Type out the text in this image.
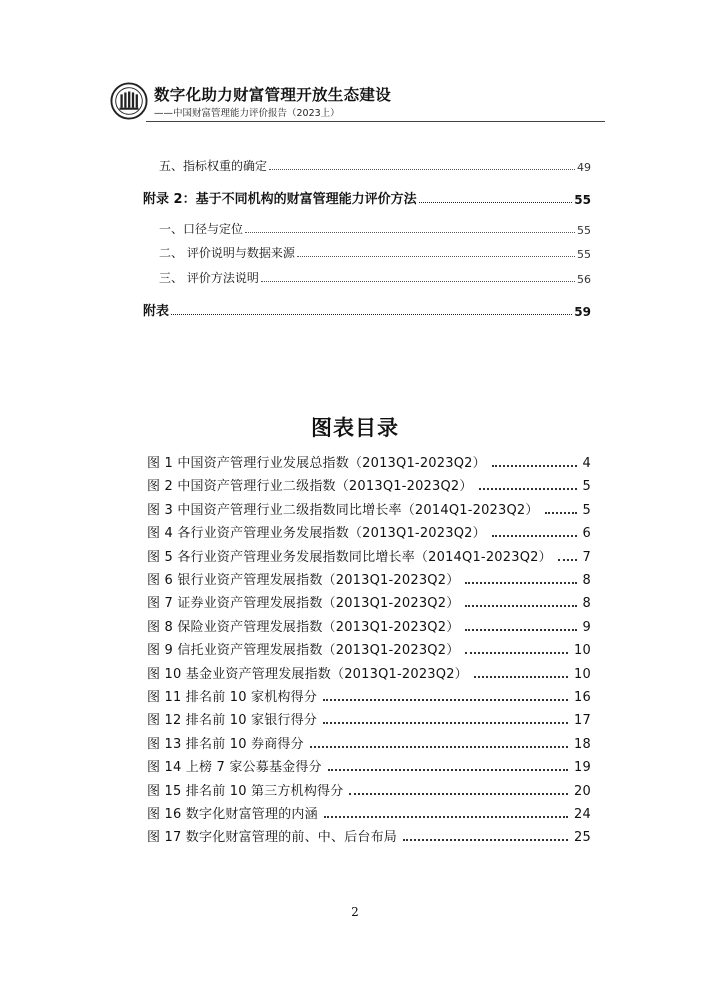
数字化助力财富管理开放生态建设
——中国财富管理能力评价报告（2023上）
五、指标权重的确定	49
附录 2：基于不同机构的财富管理能力评价方法	55
一、口径与定位	55
二、 评价说明与数据来源	55
三、 评价方法说明	56
附表	59
图表目录
图 1 中国资产管理行业发展总指数（2013Q1-2023Q2）	4
图 2 中国资产管理行业二级指数（2013Q1-2023Q2）	5
图 3 中国资产管理行业二级指数同比增长率（2014Q1-2023Q2）	5
图 4 各行业资产管理业务发展指数（2013Q1-2023Q2）	6
图 5 各行业资产管理业务发展指数同比增长率（2014Q1-2023Q2） 7
图 6 银行业资产管理发展指数（2013Q1-2023Q2）	8
图 7 证券业资产管理发展指数（2013Q1-2023Q2）	8
图 8 保险业资产管理发展指数（2013Q1-2023Q2）	9
图 9 信托业资产管理发展指数（2013Q1-2023Q2）	10
图 10 基金业资产管理发展指数（2013Q1-2023Q2）	10
图 11 排名前 10 家机构得分	16
图 12 排名前 10 家银行得分	17
图 13 排名前 10 券商得分	18
图 14 上榜 7 家公募基金得分	19
图 15 排名前 10 第三方机构得分	20
图 16 数字化财富管理的内涵	24
图 17 数字化财富管理的前、中、后台布局	25
2
